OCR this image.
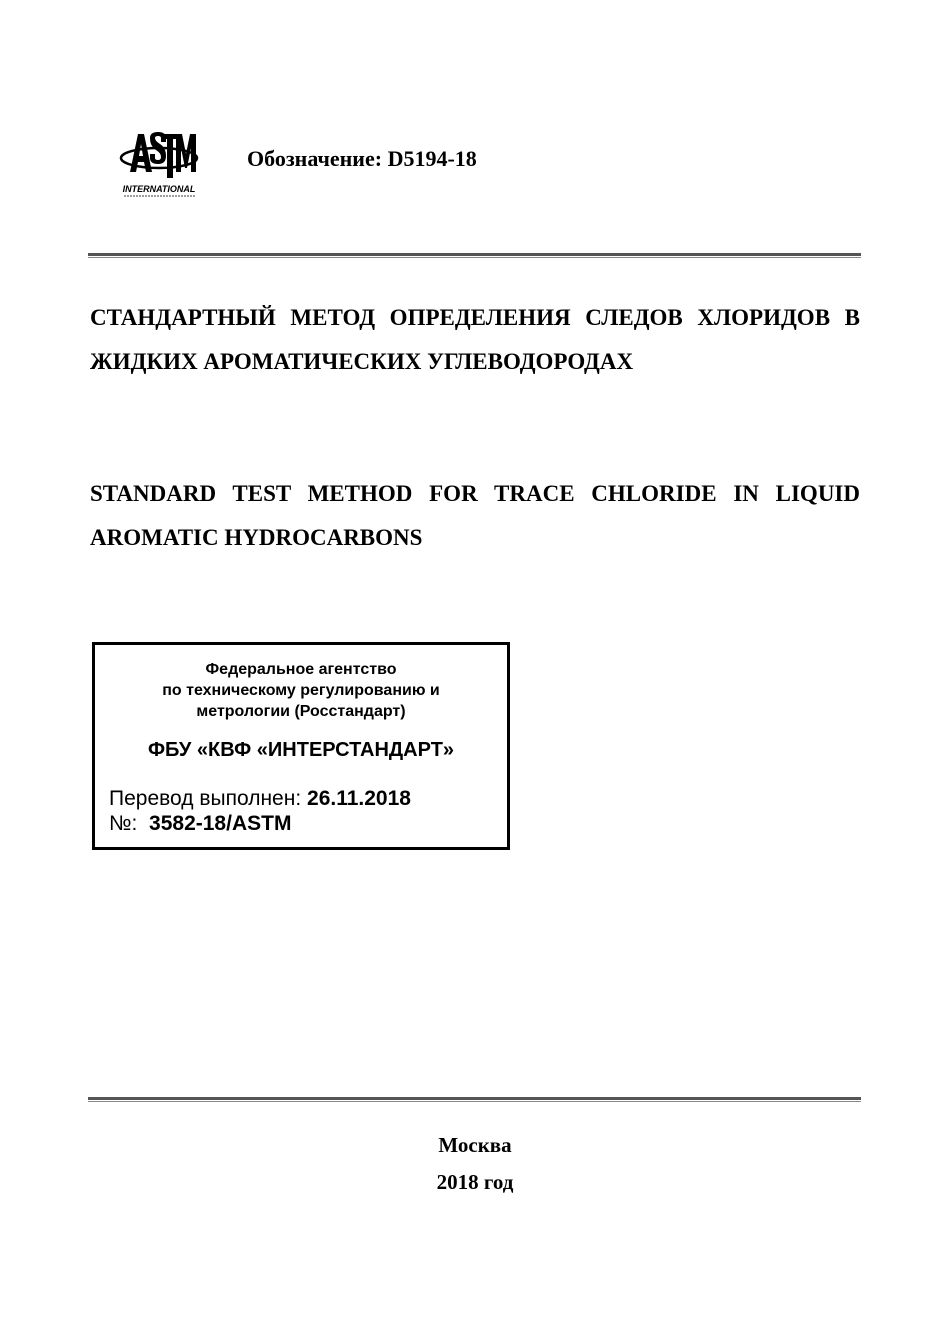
INTERNATIONAL
Обозначение: D5194-18
СТАНДАРТНЫЙ МЕТОД ОПРЕДЕЛЕНИЯ СЛЕДОВ ХЛОРИДОВ В ЖИДКИХ АРОМАТИЧЕСКИХ УГЛЕВОДОРОДАХ
STANDARD TEST METHOD FOR TRACE CHLORIDE IN LIQUID AROMATIC HYDROCARBONS
Федеральное агентство
по техническому регулированию и
метрологии (Росстандарт)
ФБУ «КВФ «ИНТЕРСТАНДАРТ»
Перевод выполнен: 26.11.2018
№: 3582-18/ASTM
Москва
2018 год
